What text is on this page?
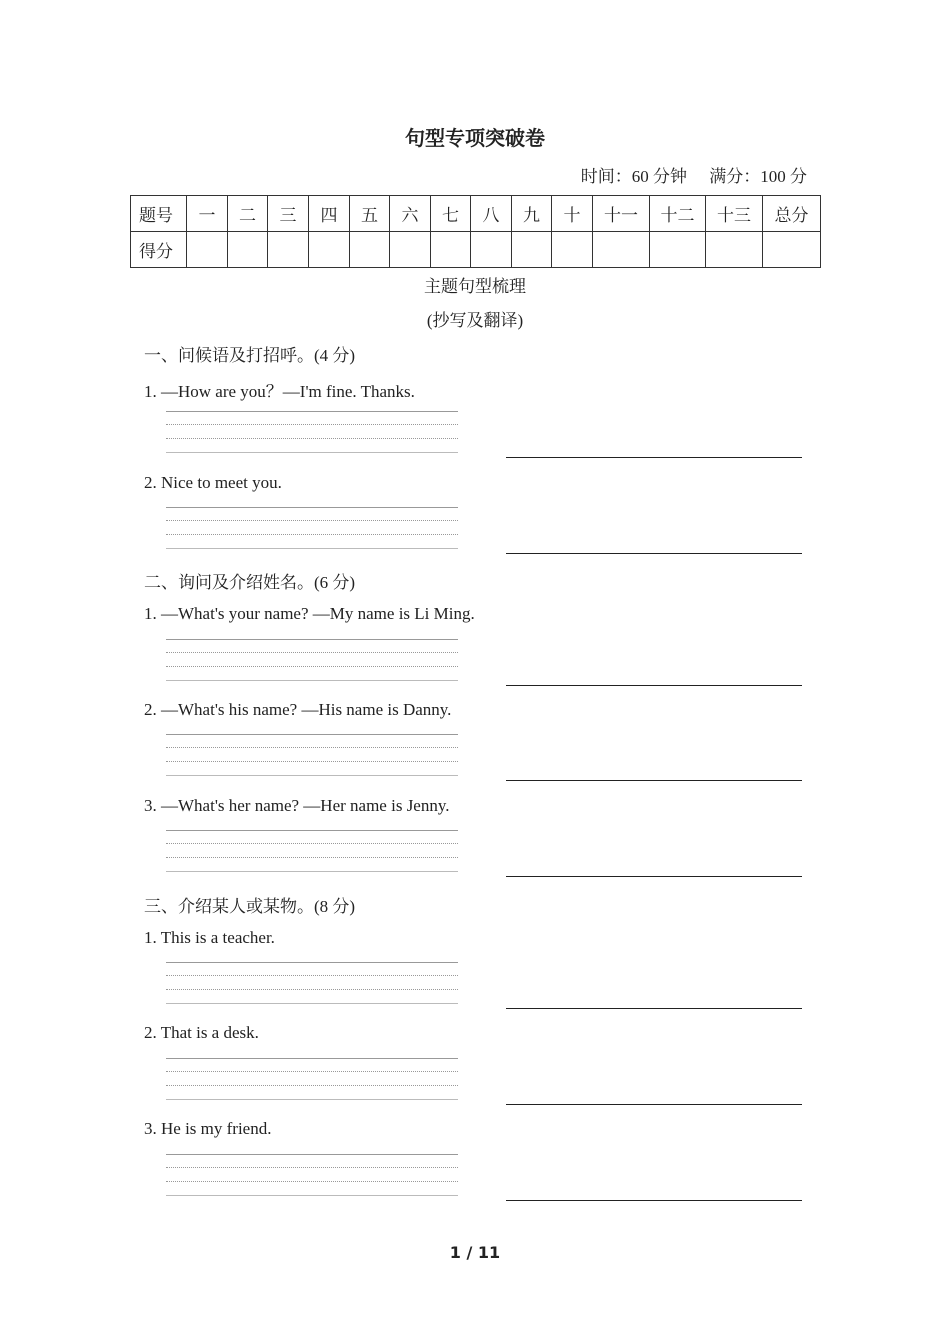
句型专项突破卷
时间：60 分钟 满分：100 分
题号	一	二	三	四	五	六	七	八	九	十	十一	十二	十三	总分
得分														
主题句型梳理
(抄写及翻译)
一、问候语及打招呼。(4 分)
1. —How are you？—I'm fine. Thanks.
2. Nice to meet you.
二、询问及介绍姓名。(6 分)
1. —What's your name? —My name is Li Ming.
2. —What's his name? —His name is Danny.
3. —What's her name? —Her name is Jenny.
三、介绍某人或某物。(8 分)
1. This is a teacher.
2. That is a desk.
3. He is my friend.
1 / 11
